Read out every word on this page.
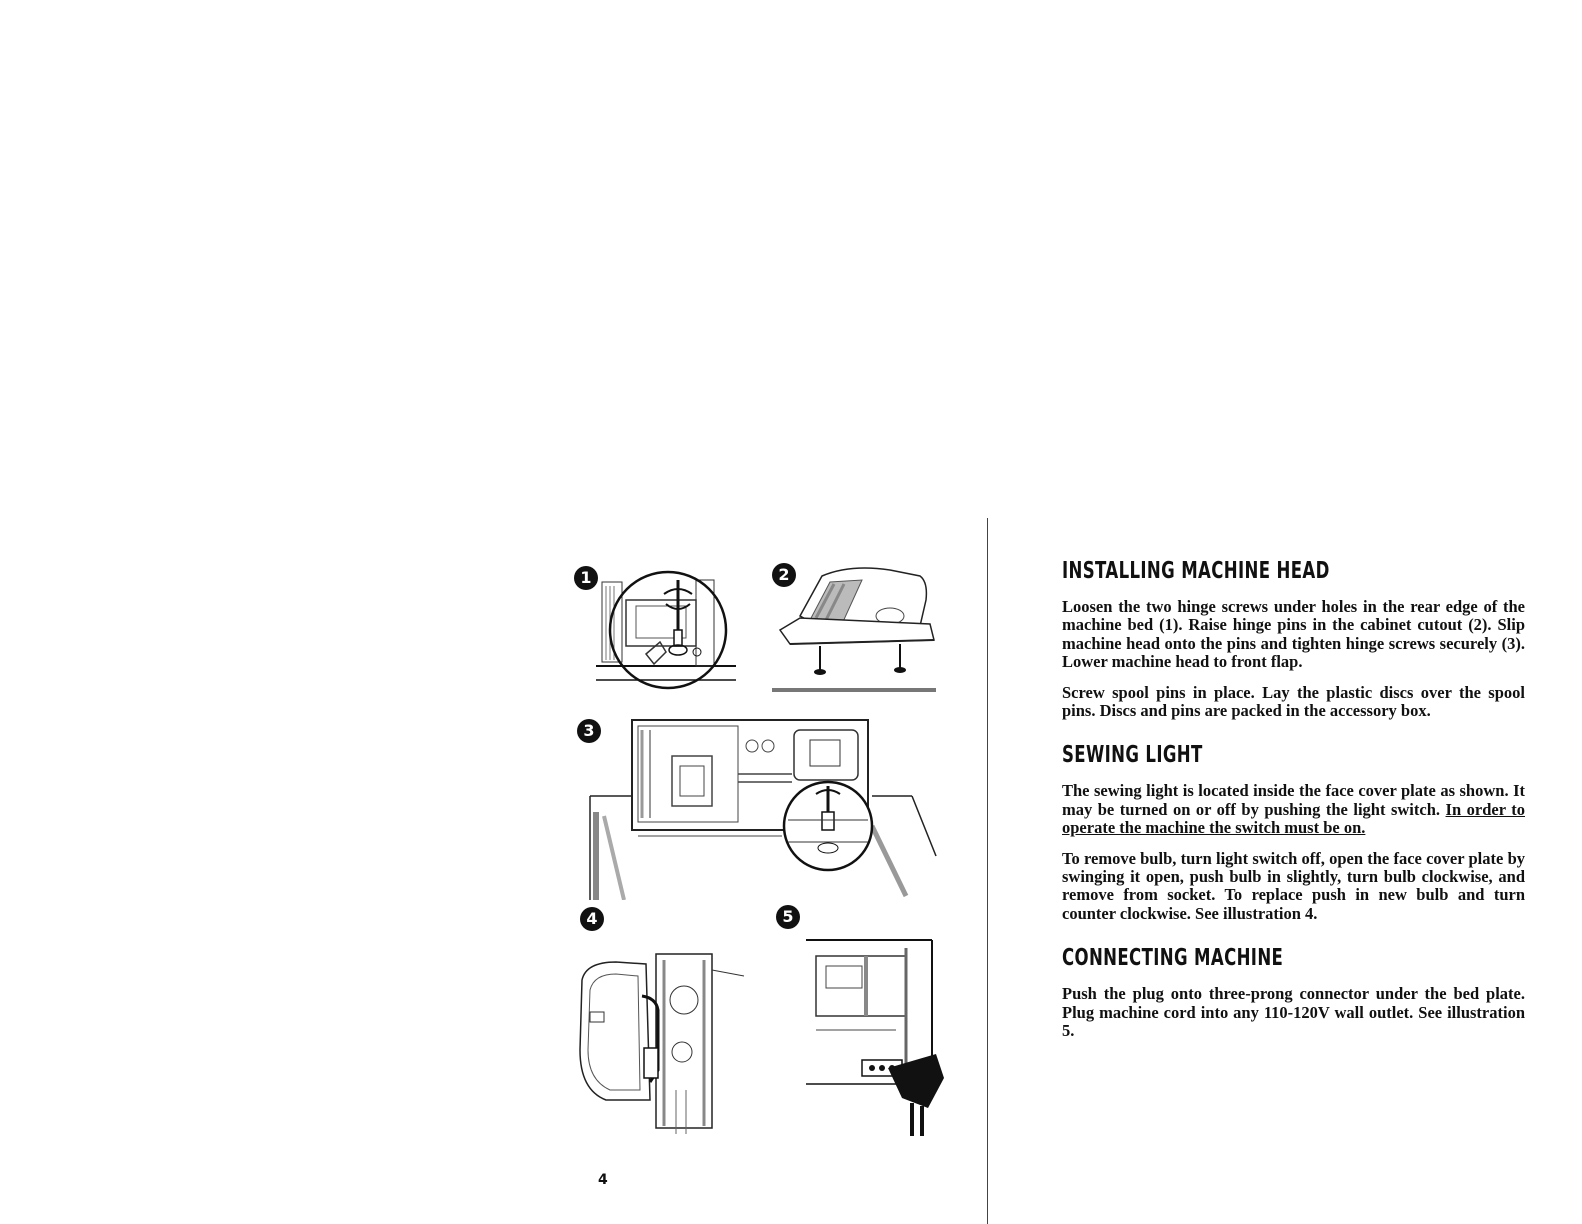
1	2
3
4	5
4
INSTALLING MACHINE HEAD

Loosen the two hinge screws under holes in the rear edge of the machine bed (1). Raise hinge pins in the cabinet cutout (2). Slip machine head onto the pins and tighten hinge screws securely (3). Lower machine head to front flap.

Screw spool pins in place. Lay the plastic discs over the spool pins. Discs and pins are packed in the accessory box.

SEWING LIGHT

The sewing light is located inside the face cover plate as shown. It may be turned on or off by pushing the light switch. In order to operate the machine the switch must be on.

To remove bulb, turn light switch off, open the face cover plate by swinging it open, push bulb in slightly, turn bulb clockwise, and remove from socket. To replace push in new bulb and turn counter clockwise. See illustration 4.

CONNECTING MACHINE

Push the plug onto three-prong connector under the bed plate. Plug machine cord into any 110-120V wall outlet. See illustration 5.
